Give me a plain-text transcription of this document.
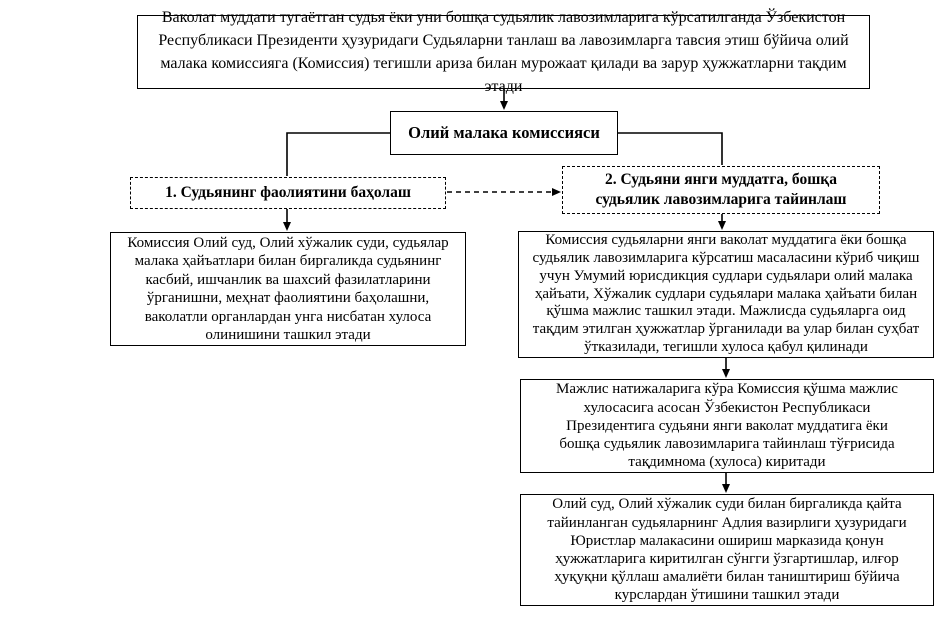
Ваколат муддати тугаётган судья ёки уни бошқа судьялик лавозимларига кўрсатилганда Ўзбекистон Республикаси Президенти ҳузуридаги Судьяларни танлаш ва лавозимларга тавсия этиш бўйича олий малака комиссияга (Комиссия) тегишли ариза билан мурожаат қилади ва зарур ҳужжатларни тақдим этади
Олий малака комиссияси
1. Судьянинг фаолиятини баҳолаш
2. Судьяни янги муддатга, бошқа судьялик лавозимларига тайинлаш
Комиссия Олий суд, Олий хўжалик суди, судьялар малака ҳайъатлари билан биргаликда судьянинг касбий, ишчанлик ва шахсий фазилатларини ўрганишни, меҳнат фаолиятини баҳолашни, ваколатли органлардан унга нисбатан хулоса олинишини ташкил этади
Комиссия судьяларни янги ваколат муддатига ёки бошқа судьялик лавозимларига кўрсатиш масаласини кўриб чиқиш учун Умумий юрисдикция судлари судьялари олий малака ҳайъати, Хўжалик судлари судьялари малака ҳайъати билан қўшма мажлис ташкил этади. Мажлисда судьяларга оид тақдим этилган ҳужжатлар ўрганилади ва улар билан суҳбат ўтказилади, тегишли хулоса қабул қилинади
Мажлис натижаларига кўра Комиссия қўшма мажлис хулосасига асосан Ўзбекистон Республикаси Президентига судьяни янги ваколат муддатига ёки бошқа судьялик лавозимларига тайинлаш тўғрисида тақдимнома (хулоса) киритади
Олий суд, Олий хўжалик суди билан биргаликда қайта тайинланган судьяларнинг Адлия вазирлиги ҳузуридаги Юристлар малакасини ошириш марказида қонун ҳужжатларига киритилган сўнгги ўзгартишлар, илғор ҳуқуқни қўллаш амалиёти билан таништириш бўйича курслардан ўтишини ташкил этади
